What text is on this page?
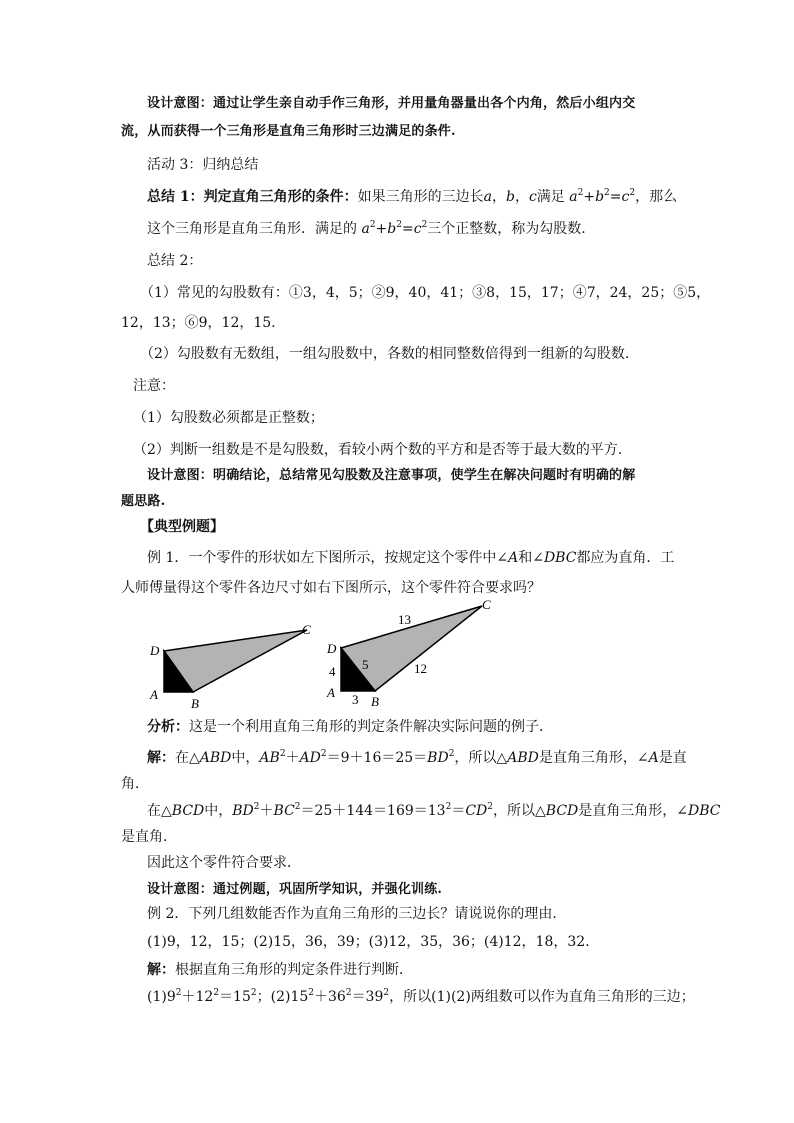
设计意图：通过让学生亲自动手作三角形，并用量角器量出各个内角，然后小组内交
流，从而获得一个三角形是直角三角形时三边满足的条件.
活动 3：归纳总结
总结 1：判定直角三角形的条件：如果三角形的三边长a，b，c满足 $a^2+b^2=c^2$，那么
这个三角形是直角三角形．满足的 $a^2+b^2=c^2$三个正整数，称为勾股数.
总结 2：
（1）常见的勾股数有：①3，4，5；②9，40，41；③8，15，17；④7，24，25；⑤5，
12，13；⑥9，12，15.
（2）勾股数有无数组，一组勾股数中，各数的相同整数倍得到一组新的勾股数.
注意：
（1）勾股数必须都是正整数；
（2）判断一组数是不是勾股数，看较小两个数的平方和是否等于最大数的平方.
设计意图：明确结论，总结常见勾股数及注意事项，使学生在解决问题时有明确的解
题思路.
【典型例题】
例 1．一个零件的形状如左下图所示，按规定这个零件中∠A和∠DBC都应为直角．工
人师傅量得这个零件各边尺寸如右下图所示，这个零件符合要求吗？
D
C
A
B
D
C
A
B
13
4 5	12
3
分析：这是一个利用直角三角形的判定条件解决实际问题的例子．
解：在△ABD中，$AB^2+AD^2=9+16=25=BD^2$，所以△ABD是直角三角形，∠A是直
角．
在△BCD中，$BD^2+BC^2=25+144=169=13^2=CD^2$，所以△BCD是直角三角形，∠DBC
是直角．
因此这个零件符合要求．
设计意图：通过例题，巩固所学知识，并强化训练.
例 2．下列几组数能否作为直角三角形的三边长？请说说你的理由．
(1)9，12，15；(2)15，36，39；(3)12，35，36；(4)12，18，32．
解：根据直角三角形的判定条件进行判断．
$(1)9^2+12^2=15^2$；$(2)15^2+36^2=39^2$，所以(1)(2)两组数可以作为直角三角形的三边；
